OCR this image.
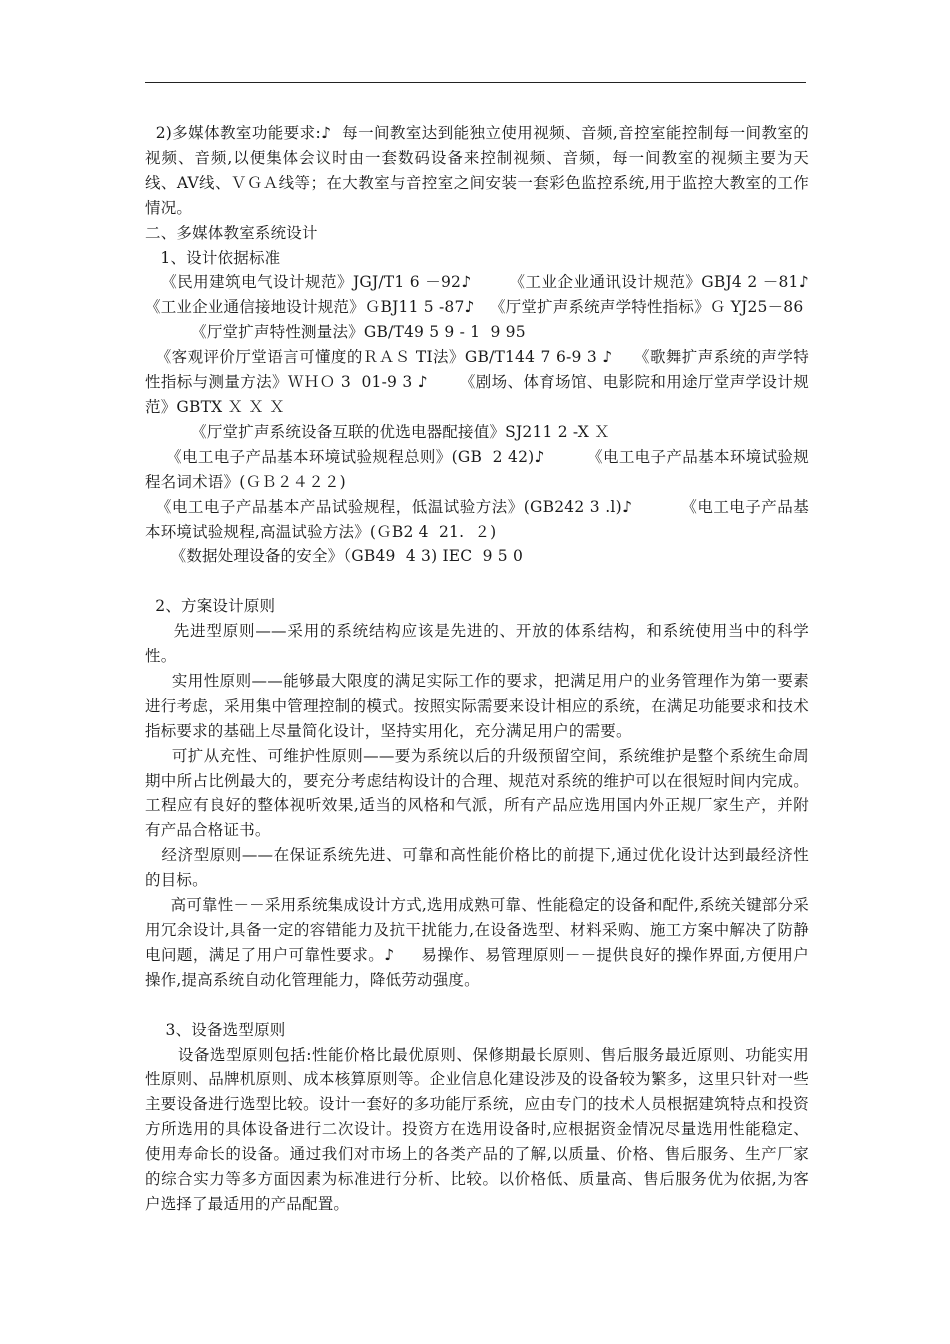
2)多媒体教室功能要求:♪  每一间教室达到能独立使用视频、音频,音控室能控制每一间教室的视频、音频,以便集体会议时由一套数码设备来控制视频、音频，每一间教室的视频主要为天线、AV线、ＶＧＡ线等；在大教室与音控室之间安装一套彩色监控系统,用于监控大教室的工作情况。

二、多媒体教室系统设计

1、设计依据标准

《民用建筑电气设计规范》JGJ/T1 6 －92♪       《工业企业通讯设计规范》GBJ4 2 －81♪《工业企业通信接地设计规范》ＧBJ11 5 -87♪   《厅堂扩声系统声学特性指标》Ｇ YJ25－86

《厅堂扩声特性测量法》GB/T49 5 9 - 1  9 95

《客观评价厅堂语言可懂度的ＲＡＳ TI法》GB/T144 7 6-9 3 ♪    《歌舞扩声系统的声学特性指标与测量方法》ＷＨＯ 3  01-9 3 ♪      《剧场、体育场馆、电影院和用途厅堂声学设计规范》GBTX Ｘ Ｘ Ｘ

《厅堂扩声系统设备互联的优选电器配接值》SJ211 2 -X Ｘ

《电工电子产品基本环境试验规程总则》(GB  2 42)♪        《电工电子产品基本环境试验规程名词术语》(ＧＢ２４２２)

《电工电子产品基本产品试验规程，低温试验方法》(GB242 3 .l)♪         《电工电子产品基本环境试验规程,高温试验方法》(ＧB2 4  21.  ２)

《数据处理设备的安全》（GB49  4 3) IEC  9 5 0

2、方案设计原则

先进型原则——采用的系统结构应该是先进的、开放的体系结构，和系统使用当中的科学性。

实用性原则——能够最大限度的满足实际工作的要求，把满足用户的业务管理作为第一要素进行考虑，采用集中管理控制的模式。按照实际需要来设计相应的系统，在满足功能要求和技术指标要求的基础上尽量简化设计，坚持实用化，充分满足用户的需要。

可扩从充性、可维护性原则——要为系统以后的升级预留空间，系统维护是整个系统生命周期中所占比例最大的，要充分考虑结构设计的合理、规范对系统的维护可以在很短时间内完成。工程应有良好的整体视听效果,适当的风格和气派，所有产品应选用国内外正规厂家生产，并附有产品合格证书。

经济型原则——在保证系统先进、可靠和高性能价格比的前提下,通过优化设计达到最经济性的目标。

高可靠性－－采用系统集成设计方式,选用成熟可靠、性能稳定的设备和配件,系统关键部分采用冗余设计,具备一定的容错能力及抗干扰能力,在设备选型、材料采购、施工方案中解决了防静电问题，满足了用户可靠性要求。♪     易操作、易管理原则－－提供良好的操作界面,方便用户操作,提高系统自动化管理能力，降低劳动强度。

3、设备选型原则

设备选型原则包括:性能价格比最优原则、保修期最长原则、售后服务最近原则、功能实用性原则、品牌机原则、成本核算原则等。企业信息化建设涉及的设备较为繁多，这里只针对一些主要设备进行选型比较。设计一套好的多功能厅系统，应由专门的技术人员根据建筑特点和投资方所选用的具体设备进行二次设计。投资方在选用设备时,应根据资金情况尽量选用性能稳定、使用寿命长的设备。通过我们对市场上的各类产品的了解,以质量、价格、售后服务、生产厂家的综合实力等多方面因素为标准进行分析、比较。以价格低、质量高、售后服务优为依据,为客户选择了最适用的产品配置。
